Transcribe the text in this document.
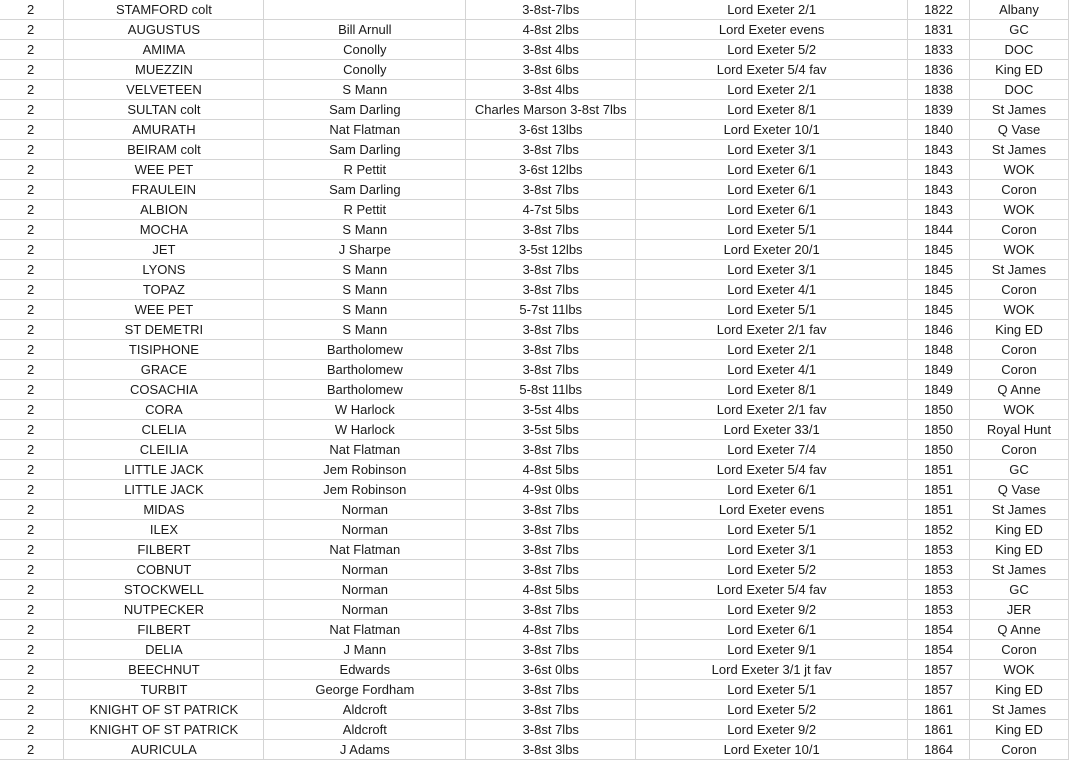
2	STAMFORD colt		3-8st-7lbs	Lord Exeter 2/1	1822	Albany
2	AUGUSTUS	Bill Arnull	4-8st 2lbs	Lord Exeter evens	1831	GC
2	AMIMA	Conolly	3-8st 4lbs	Lord Exeter 5/2	1833	DOC
2	MUEZZIN	Conolly	3-8st 6lbs	Lord Exeter 5/4 fav	1836	King ED
2	VELVETEEN	S Mann	3-8st 4lbs	Lord Exeter 2/1	1838	DOC
2	SULTAN colt	Sam Darling	Charles Marson 3-8st 7lbs	Lord Exeter 8/1	1839	St James
2	AMURATH	Nat Flatman	3-6st 13lbs	Lord Exeter 10/1	1840	Q Vase
2	BEIRAM colt	Sam Darling	3-8st 7lbs	Lord Exeter 3/1	1843	St James
2	WEE PET	R Pettit	3-6st 12lbs	Lord Exeter 6/1	1843	WOK
2	FRAULEIN	Sam Darling	3-8st 7lbs	Lord Exeter 6/1	1843	Coron
2	ALBION	R Pettit	4-7st 5lbs	Lord Exeter 6/1	1843	WOK
2	MOCHA	S Mann	3-8st 7lbs	Lord Exeter 5/1	1844	Coron
2	JET	J Sharpe	3-5st 12lbs	Lord Exeter 20/1	1845	WOK
2	LYONS	S Mann	3-8st 7lbs	Lord Exeter 3/1	1845	St James
2	TOPAZ	S Mann	3-8st 7lbs	Lord Exeter 4/1	1845	Coron
2	WEE PET	S Mann	5-7st 11lbs	Lord Exeter 5/1	1845	WOK
2	ST DEMETRI	S Mann	3-8st 7lbs	Lord Exeter 2/1 fav	1846	King ED
2	TISIPHONE	Bartholomew	3-8st 7lbs	Lord Exeter 2/1	1848	Coron
2	GRACE	Bartholomew	3-8st 7lbs	Lord Exeter 4/1	1849	Coron
2	COSACHIA	Bartholomew	5-8st 11lbs	Lord Exeter 8/1	1849	Q Anne
2	CORA	W Harlock	3-5st 4lbs	Lord Exeter 2/1 fav	1850	WOK
2	CLELIA	W Harlock	3-5st 5lbs	Lord Exeter 33/1	1850	Royal Hunt
2	CLEILIA	Nat Flatman	3-8st 7lbs	Lord Exeter 7/4	1850	Coron
2	LITTLE JACK	Jem Robinson	4-8st 5lbs	Lord Exeter 5/4 fav	1851	GC
2	LITTLE JACK	Jem Robinson	4-9st 0lbs	Lord Exeter 6/1	1851	Q Vase
2	MIDAS	Norman	3-8st 7lbs	Lord Exeter evens	1851	St James
2	ILEX	Norman	3-8st 7lbs	Lord Exeter 5/1	1852	King ED
2	FILBERT	Nat Flatman	3-8st 7lbs	Lord Exeter 3/1	1853	King ED
2	COBNUT	Norman	3-8st 7lbs	Lord Exeter 5/2	1853	St James
2	STOCKWELL	Norman	4-8st 5lbs	Lord Exeter 5/4 fav	1853	GC
2	NUTPECKER	Norman	3-8st 7lbs	Lord Exeter 9/2	1853	JER
2	FILBERT	Nat Flatman	4-8st 7lbs	Lord Exeter 6/1	1854	Q Anne
2	DELIA	J Mann	3-8st 7lbs	Lord Exeter 9/1	1854	Coron
2	BEECHNUT	Edwards	3-6st 0lbs	Lord Exeter 3/1 jt fav	1857	WOK
2	TURBIT	George Fordham	3-8st 7lbs	Lord Exeter 5/1	1857	King ED
2	KNIGHT OF ST PATRICK	Aldcroft	3-8st 7lbs	Lord Exeter 5/2	1861	St James
2	KNIGHT OF ST PATRICK	Aldcroft	3-8st 7lbs	Lord Exeter 9/2	1861	King ED
2	AURICULA	J Adams	3-8st 3lbs	Lord Exeter 10/1	1864	Coron
